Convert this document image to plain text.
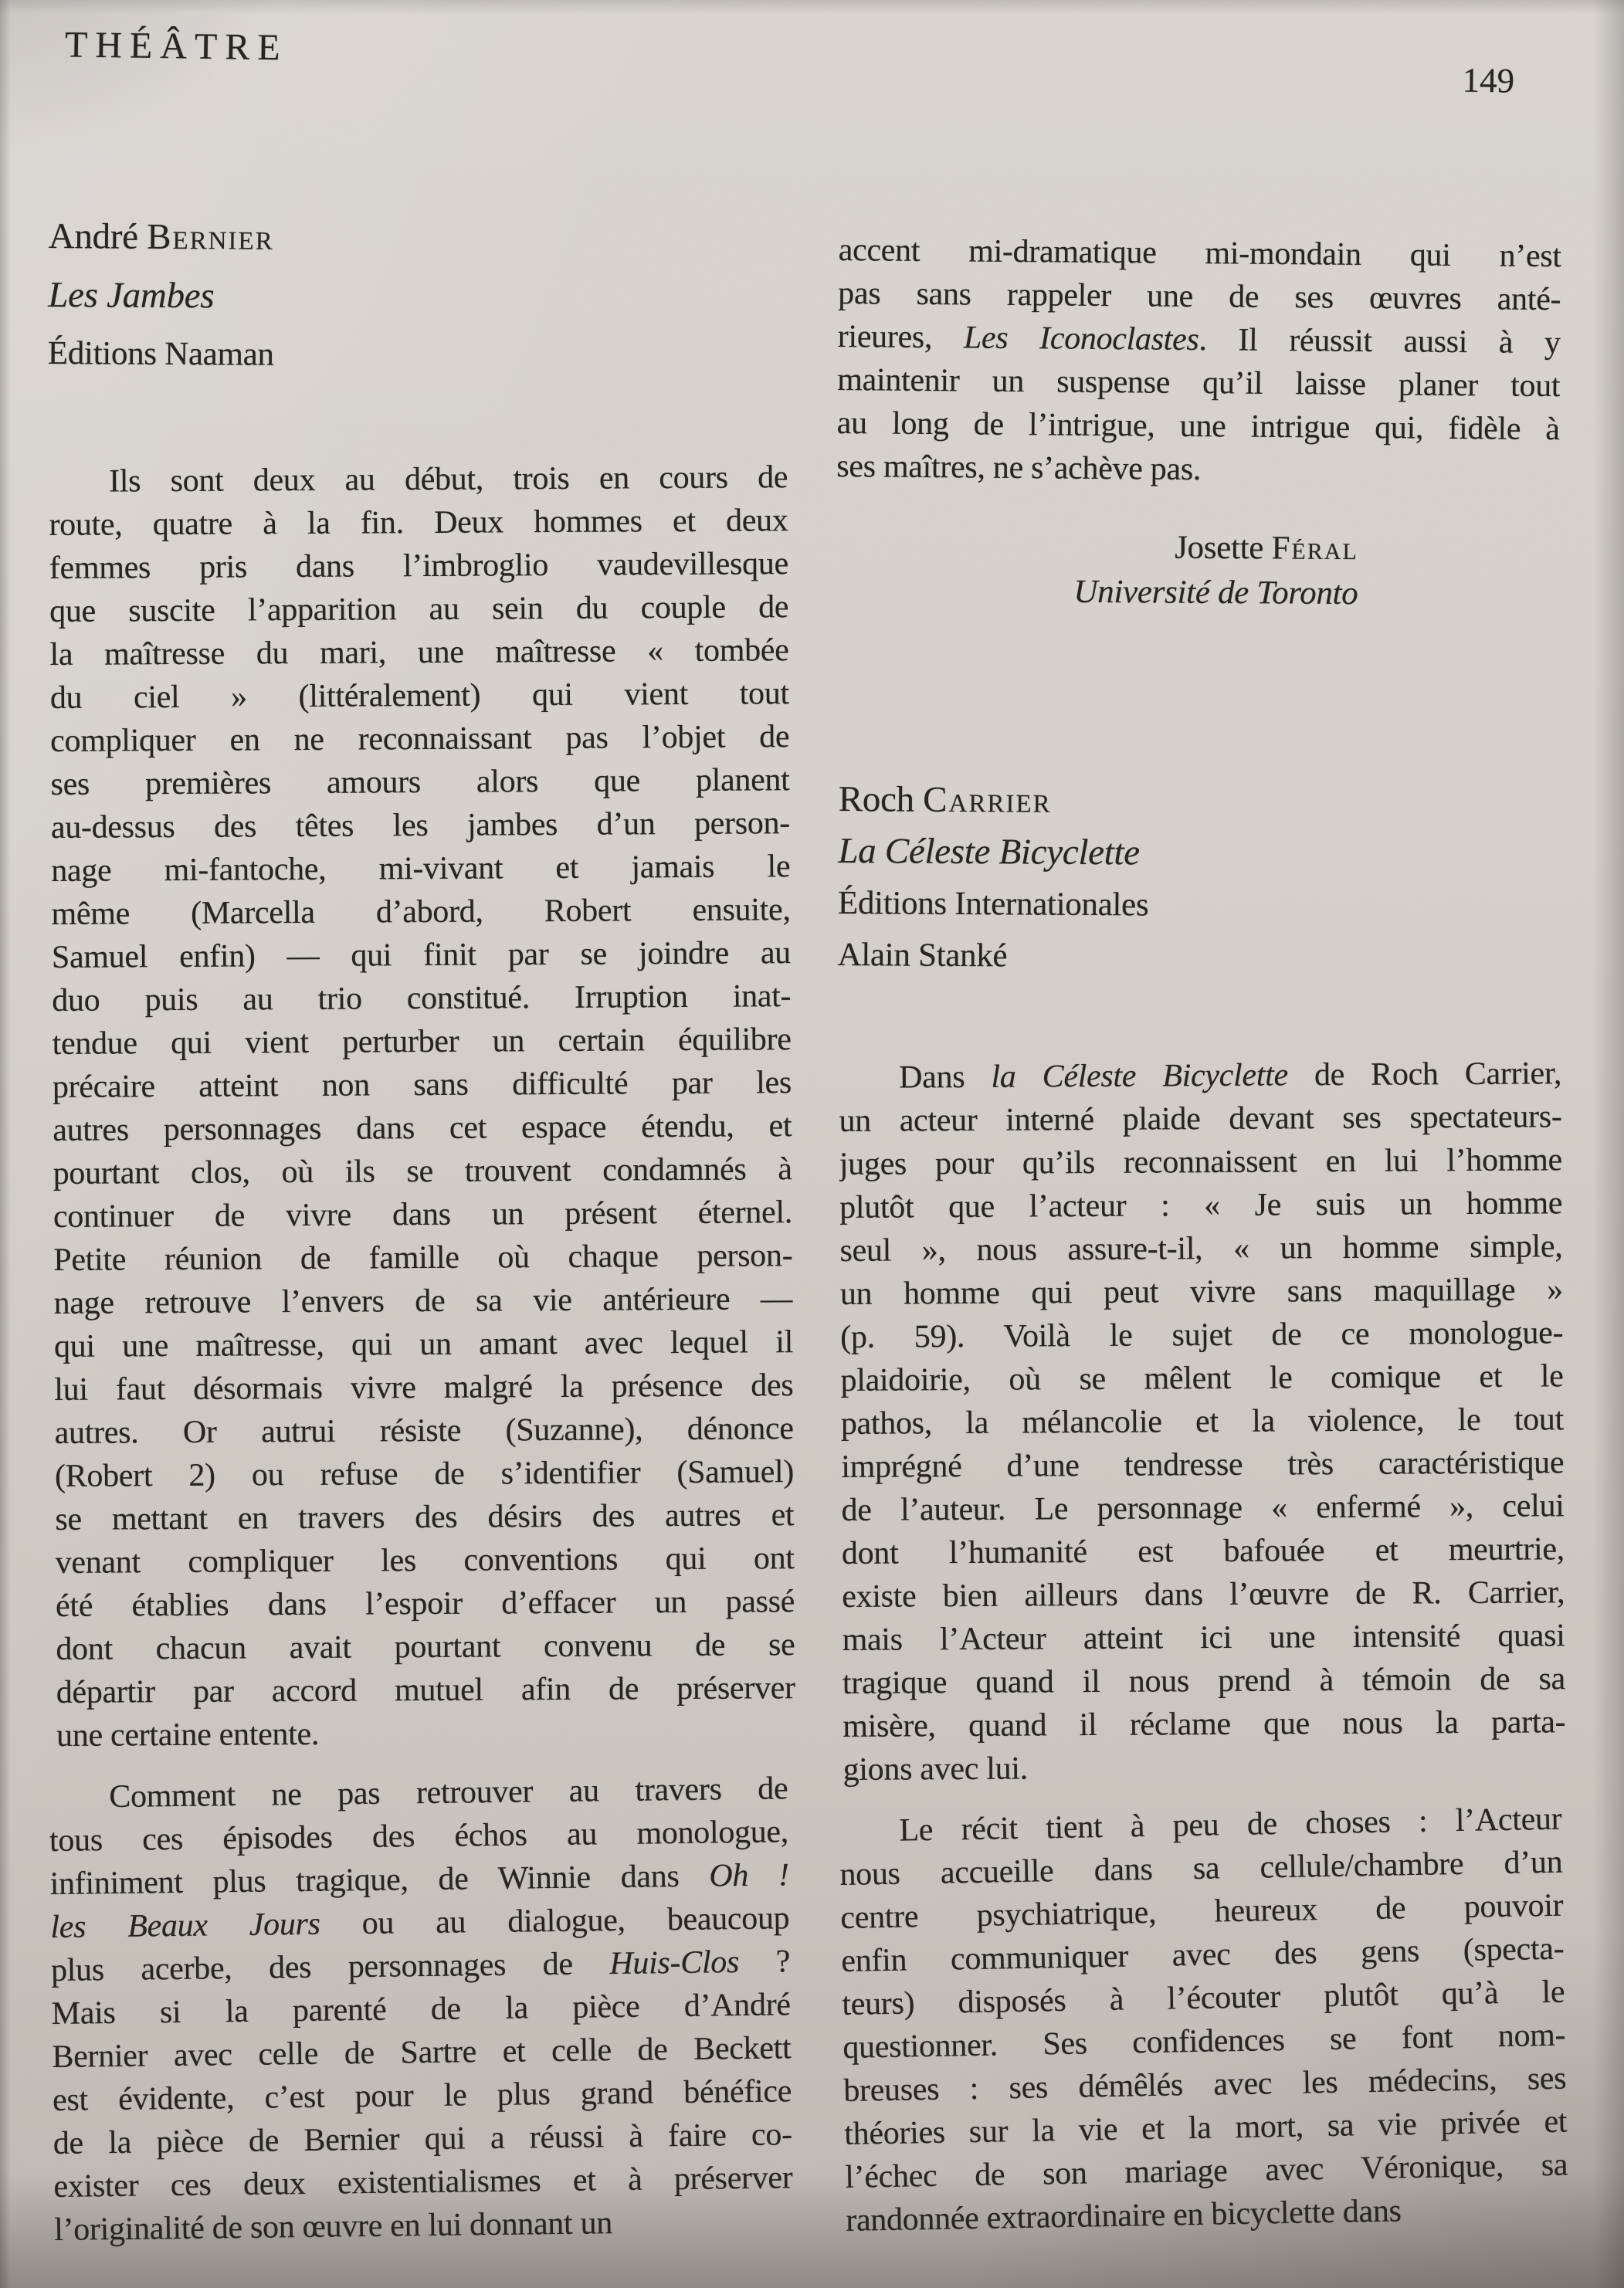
THÉÂTRE
149
André Bernier
Les Jambes
Éditions Naaman
Ils sont deux au début, trois en cours de
route, quatre à la fin. Deux hommes et deux
femmes pris dans l’imbroglio vaudevillesque
que suscite l’apparition au sein du couple de
la maîtresse du mari, une maîtresse « tombée
du ciel » (littéralement) qui vient tout
compliquer en ne reconnaissant pas l’objet de
ses premières amours alors que planent
au-dessus des têtes les jambes d’un person-
nage mi-fantoche, mi-vivant et jamais le
même (Marcella d’abord, Robert ensuite,
Samuel enfin) — qui finit par se joindre au
duo puis au trio constitué. Irruption inat-
tendue qui vient perturber un certain équilibre
précaire atteint non sans difficulté par les
autres personnages dans cet espace étendu, et
pourtant clos, où ils se trouvent condamnés à
continuer de vivre dans un présent éternel.
Petite réunion de famille où chaque person-
nage retrouve l’envers de sa vie antérieure —
qui une maîtresse, qui un amant avec lequel il
lui faut désormais vivre malgré la présence des
autres. Or autrui résiste (Suzanne), dénonce
(Robert 2) ou refuse de s’identifier (Samuel)
se mettant en travers des désirs des autres et
venant compliquer les conventions qui ont
été établies dans l’espoir d’effacer un passé
dont chacun avait pourtant convenu de se
départir par accord mutuel afin de préserver
une certaine entente.
Comment ne pas retrouver au travers de
tous ces épisodes des échos au monologue,
infiniment plus tragique, de Winnie dans Oh !
les Beaux Jours ou au dialogue, beaucoup
plus acerbe, des personnages de Huis-Clos ?
Mais si la parenté de la pièce d’André
Bernier avec celle de Sartre et celle de Beckett
est évidente, c’est pour le plus grand bénéfice
de la pièce de Bernier qui a réussi à faire co-
exister ces deux existentialismes et à préserver
l’originalité de son œuvre en lui donnant un
accent mi-dramatique mi-mondain qui n’est
pas sans rappeler une de ses œuvres anté-
rieures, Les Iconoclastes. Il réussit aussi à y
maintenir un suspense qu’il laisse planer tout
au long de l’intrigue, une intrigue qui, fidèle à
ses maîtres, ne s’achève pas.
Josette Féral
Université de Toronto
Roch Carrier
La Céleste Bicyclette
Éditions Internationales
Alain Stanké
Dans la Céleste Bicyclette de Roch Carrier,
un acteur interné plaide devant ses spectateurs-
juges pour qu’ils reconnaissent en lui l’homme
plutôt que l’acteur : « Je suis un homme
seul », nous assure-t-il, « un homme simple,
un homme qui peut vivre sans maquillage »
(p. 59). Voilà le sujet de ce monologue-
plaidoirie, où se mêlent le comique et le
pathos, la mélancolie et la violence, le tout
imprégné d’une tendresse très caractéristique
de l’auteur. Le personnage « enfermé », celui
dont l’humanité est bafouée et meurtrie,
existe bien ailleurs dans l’œuvre de R. Carrier,
mais l’Acteur atteint ici une intensité quasi
tragique quand il nous prend à témoin de sa
misère, quand il réclame que nous la parta-
gions avec lui.
Le récit tient à peu de choses : l’Acteur
nous accueille dans sa cellule/chambre d’un
centre psychiatrique, heureux de pouvoir
enfin communiquer avec des gens (specta-
teurs) disposés à l’écouter plutôt qu’à le
questionner. Ses confidences se font nom-
breuses : ses démêlés avec les médecins, ses
théories sur la vie et la mort, sa vie privée et
l’échec de son mariage avec Véronique, sa
randonnée extraordinaire en bicyclette dans
